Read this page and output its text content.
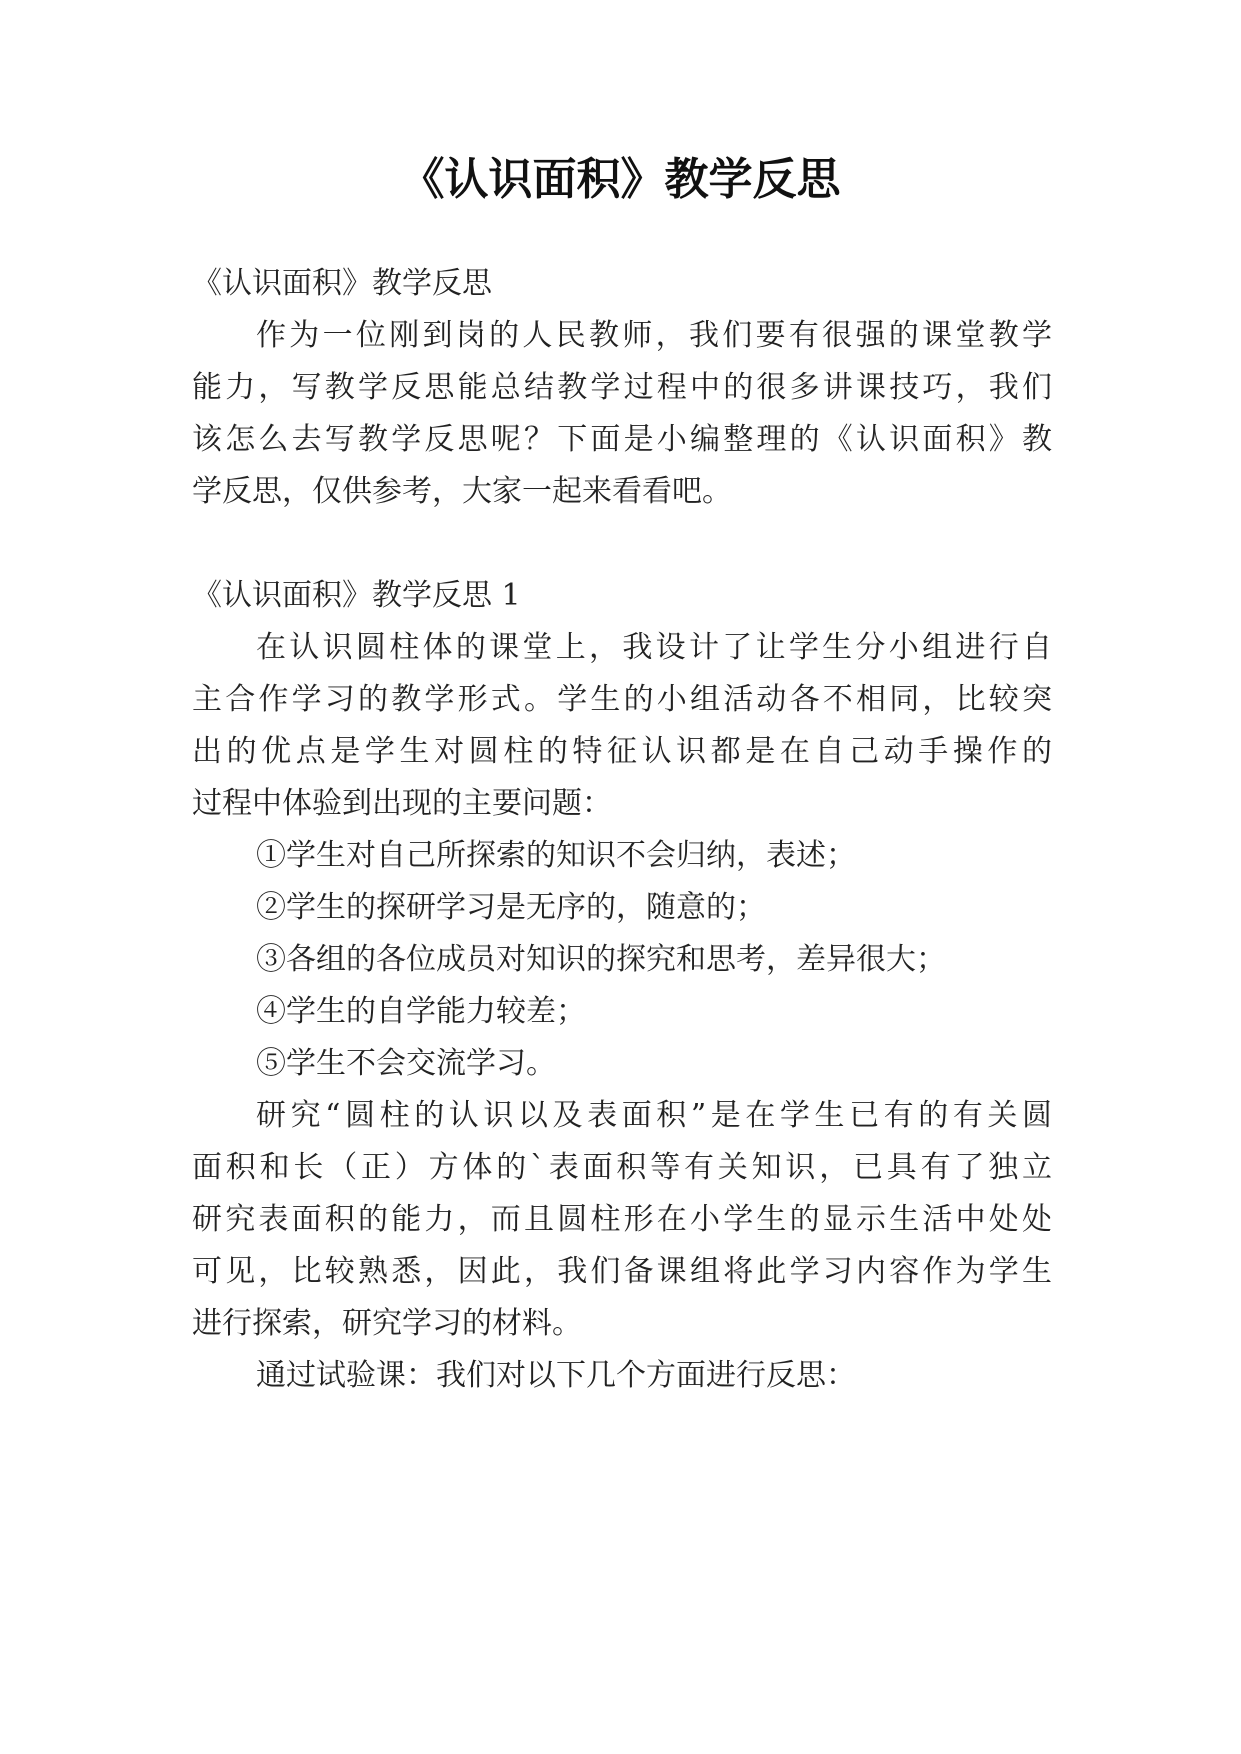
《认识面积》教学反思
《认识面积》教学反思
作为一位刚到岗的人民教师，我们要有很强的课堂教学
能力，写教学反思能总结教学过程中的很多讲课技巧，我们
该怎么去写教学反思呢？下面是小编整理的《认识面积》教
学反思，仅供参考，大家一起来看看吧。
《认识面积》教学反思 1
在认识圆柱体的课堂上，我设计了让学生分小组进行自
主合作学习的教学形式。学生的小组活动各不相同，比较突
出的优点是学生对圆柱的特征认识都是在自己动手操作的
过程中体验到出现的主要问题：
①学生对自己所探索的知识不会归纳，表述；
②学生的探研学习是无序的，随意的；
③各组的各位成员对知识的探究和思考，差异很大；
④学生的自学能力较差；
⑤学生不会交流学习。
研究“圆柱的认识以及表面积”是在学生已有的有关圆
面积和长（正）方体的`表面积等有关知识，已具有了独立
研究表面积的能力，而且圆柱形在小学生的显示生活中处处
可见，比较熟悉，因此，我们备课组将此学习内容作为学生
进行探索，研究学习的材料。
通过试验课：我们对以下几个方面进行反思：
